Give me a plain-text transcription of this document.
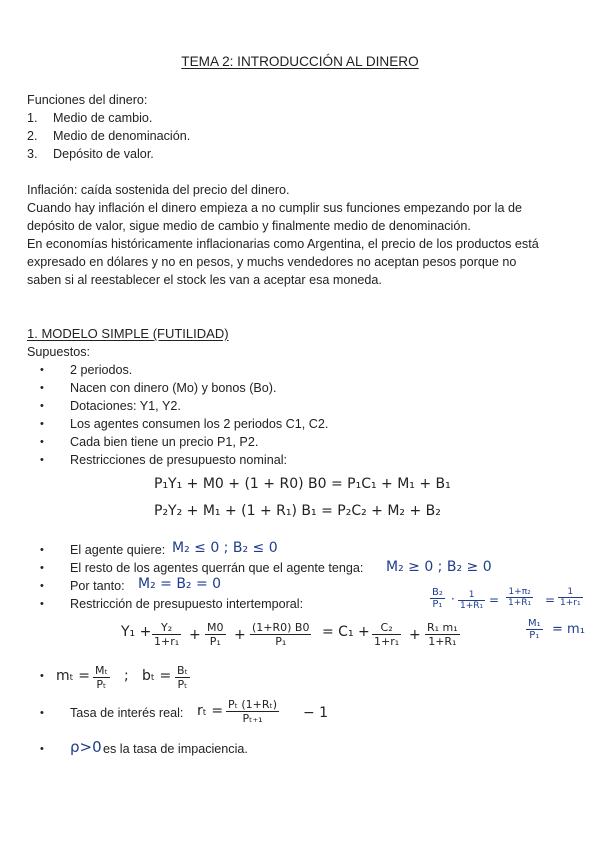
TEMA 2: INTRODUCCIÓN AL DINERO
Funciones del dinero:
1. Medio de cambio.
2. Medio de denominación.
3. Depósito de valor.
Inflación: caída sostenida del precio del dinero.
Cuando hay inflación el dinero empieza a no cumplir sus funciones empezando por la de
depósito de valor, sigue medio de cambio y finalmente medio de denominación.
En economías históricamente inflacionarias como Argentina, el precio de los productos está
expresado en dólares y no en pesos, y muchs vendedores no aceptan pesos porque no
saben si al reestablecer el stock les van a aceptar esa moneda.
1. MODELO SIMPLE (FUTILIDAD)
Supuestos:
• 2 periodos.
• Nacen con dinero (Mo) y bonos (Bo).
• Dotaciones: Y1, Y2.
• Los agentes consumen los 2 periodos C1, C2.
• Cada bien tiene un precio P1, P2.
• Restricciones de presupuesto nominal:
P₁Y₁ + M0 + (1 + R0) B0 = P₁C₁ + M₁ + B₁
P₂Y₂ + M₁ + (1 + R₁) B₁ = P₂C₂ + M₂ + B₂
• El agente quiere: M₂ ≤ 0 ; B₂ ≤ 0
• El resto de los agentes querrán que el agente tenga: M₂ ≥ 0 ; B₂ ≥ 0
• Por tanto: M₂ = B₂ = 0
• Restricción de presupuesto intertemporal:	$\frac{\text{B₂}}{\text{P₁}} \cdot \frac{1}{\text{1+R₁}} = \frac{\text{1+π₂}}{\text{1+R₁}} = \frac{1}{\text{1+r₁}}$
$\frac{\text{M₁}}{\text{P₁}} = m_1$
$Y_1 + \frac{\text{Y₂}}{\text{1+r₁}} + \frac{M0}{\text{P₁}} + \frac{(1+R0) B0}{\text{P₁}} = C_1 + \frac{\text{C₂}}{\text{1+r₁}} + \frac{\text{R₁ m₁}}{\text{1+R₁}}$
• $m_t = \frac{\text{Mₜ}}{\text{Pₜ}}$ ; $b_t = \frac{\text{Bₜ}}{\text{Pₜ}}$
• Tasa de interés real: $r_t = \frac{\text{Pₜ (1+Rₜ)}}{\text{Pₜ₊₁}} - 1$
• ρ>0 es la tasa de impaciencia.
